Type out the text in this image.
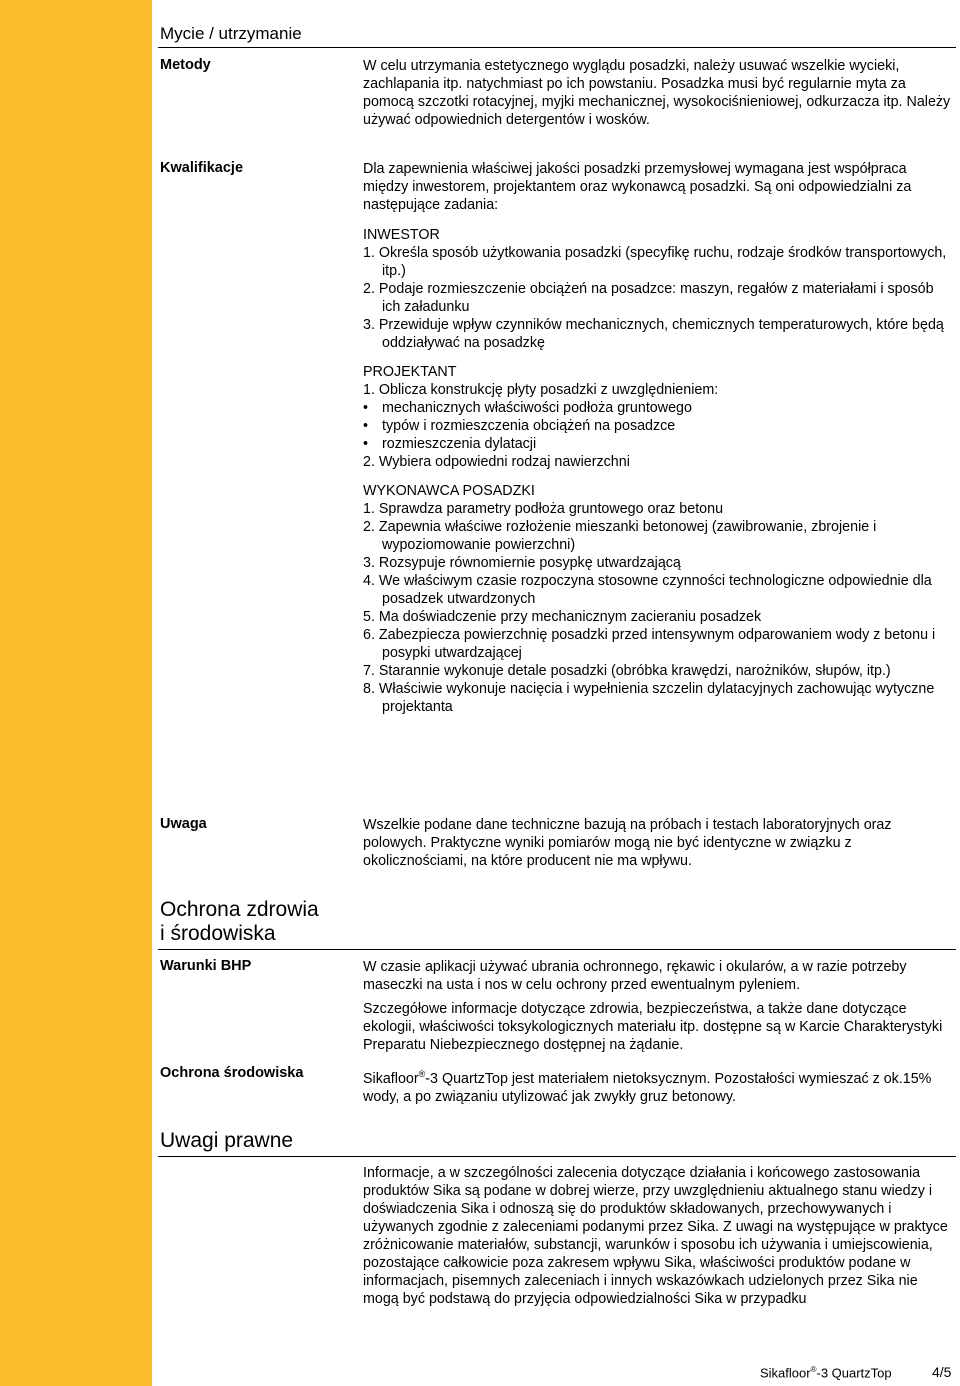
Mycie / utrzymanie
Metody	W celu utrzymania estetycznego wyglądu posadzki, należy usuwać wszelkie wycieki, zachlapania itp. natychmiast po ich powstaniu. Posadzka musi być regularnie myta za pomocą szczotki rotacyjnej, myjki mechanicznej, wysokociśnieniowej, odkurzacza itp. Należy używać odpowiednich detergentów i wosków.

Kwalifikacje	Dla zapewnienia właściwej jakości posadzki przemysłowej wymagana jest współpraca między inwestorem, projektantem oraz wykonawcą posadzki. Są oni odpowiedzialni za następujące zadania:

INWESTOR

1. Określa sposób użytkowania posadzki (specyfikę ruchu, rodzaje środków transportowych, itp.)

2. Podaje rozmieszczenie obciążeń na posadzce: maszyn, regałów z materiałami i sposób ich załadunku

3. Przewiduje wpływ czynników mechanicznych, chemicznych temperaturowych, które będą oddziaływać na posadzkę

PROJEKTANT

1. Oblicza konstrukcję płyty posadzki z uwzględnieniem:

• mechanicznych właściwości podłoża gruntowego

• typów i rozmieszczenia obciążeń na posadzce

• rozmieszczenia dylatacji

2. Wybiera odpowiedni rodzaj nawierzchni

WYKONAWCA POSADZKI

1. Sprawdza parametry podłoża gruntowego oraz betonu

2. Zapewnia właściwe rozłożenie mieszanki betonowej (zawibrowanie, zbrojenie i wypoziomowanie powierzchni)

3. Rozsypuje równomiernie posypkę utwardzającą

4. We właściwym czasie rozpoczyna stosowne czynności technologiczne odpowiednie dla posadzek utwardzonych

5. Ma doświadczenie przy mechanicznym zacieraniu posadzek

6. Zabezpiecza powierzchnię posadzki przed intensywnym odparowaniem wody z betonu i posypki utwardzającej

7. Starannie wykonuje detale posadzki (obróbka krawędzi, narożników, słupów, itp.)

8. Właściwie wykonuje nacięcia i wypełnienia szczelin dylatacyjnych zachowując wytyczne projektanta

Uwaga	Wszelkie podane dane techniczne bazują na próbach i testach laboratoryjnych oraz polowych. Praktyczne wyniki pomiarów mogą nie być identyczne w związku z okolicznościami, na które producent nie ma wpływu.

Ochrona zdrowia
i środowiska
Warunki BHP	W czasie aplikacji używać ubrania ochronnego, rękawic i okularów, a w razie potrzeby maseczki na usta i nos w celu ochrony przed ewentualnym pyleniem.

Szczegółowe informacje dotyczące zdrowia, bezpieczeństwa, a także dane dotyczące ekologii, właściwości toksykologicznych materiału itp. dostępne są w Karcie Charakterystyki Preparatu Niebezpiecznego dostępnej na żądanie.

Ochrona środowiska	Sikafloor®-3 QuartzTop jest materiałem nietoksycznym. Pozostałości wymieszać z ok.15% wody, a po związaniu utylizować jak zwykły gruz betonowy.

Uwagi prawne

Informacje, a w szczególności zalecenia dotyczące działania i końcowego zastosowania produktów Sika są podane w dobrej wierze, przy uwzględnieniu aktualnego stanu wiedzy i doświadczenia Sika i odnoszą się do produktów składowanych, przechowywanych i używanych zgodnie z zaleceniami podanymi przez Sika. Z uwagi na występujące w praktyce zróżnicowanie materiałów, substancji, warunków i sposobu ich używania i umiejscowienia, pozostające całkowicie poza zakresem wpływu Sika, właściwości produktów podane w informacjach, pisemnych zaleceniach i innych wskazówkach udzielonych przez Sika nie mogą być podstawą do przyjęcia odpowiedzialności Sika w przypadku

Sikafloor®-3 QuartzTop	4/5
